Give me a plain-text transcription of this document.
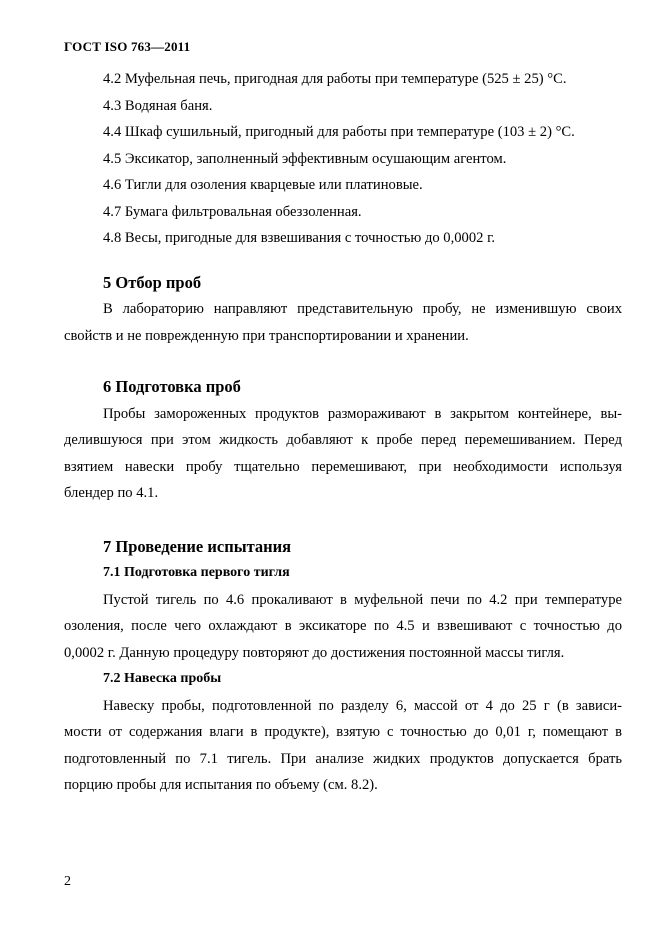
ГОСТ ISO 763—2011
4.2 Муфельная печь, пригодная для работы при температуре (525 ± 25) °С.
4.3 Водяная баня.
4.4 Шкаф сушильный, пригодный для работы при температуре (103 ± 2) °С.
4.5 Эксикатор, заполненный эффективным осушающим агентом.
4.6 Тигли для озоления кварцевые или платиновые.
4.7 Бумага фильтровальная обеззоленная.
4.8 Весы, пригодные для взвешивания с точностью до 0,0002 г.
5 Отбор проб
В лабораторию направляют представительную пробу, не изменившую своих
свойств и не поврежденную при транспортировании и хранении.
6 Подготовка проб
Пробы замороженных продуктов размораживают в закрытом контейнере, вы-
делившуюся при этом жидкость добавляют к пробе перед перемешиванием. Перед
взятием навески пробу тщательно перемешивают, при необходимости используя
блендер по 4.1.
7 Проведение испытания
7.1 Подготовка первого тигля
Пустой тигель по 4.6 прокаливают в муфельной печи по 4.2 при температуре
озоления, после чего охлаждают в эксикаторе по 4.5 и взвешивают с точностью до
0,0002 г. Данную процедуру повторяют до достижения постоянной массы тигля.
7.2 Навеска пробы
Навеску пробы, подготовленной по разделу 6, массой от 4 до 25 г (в зависи-
мости от содержания влаги в продукте), взятую с точностью до 0,01 г, помещают в
подготовленный по 7.1 тигель. При анализе жидких продуктов допускается брать
порцию пробы для испытания по объему (см. 8.2).
2
